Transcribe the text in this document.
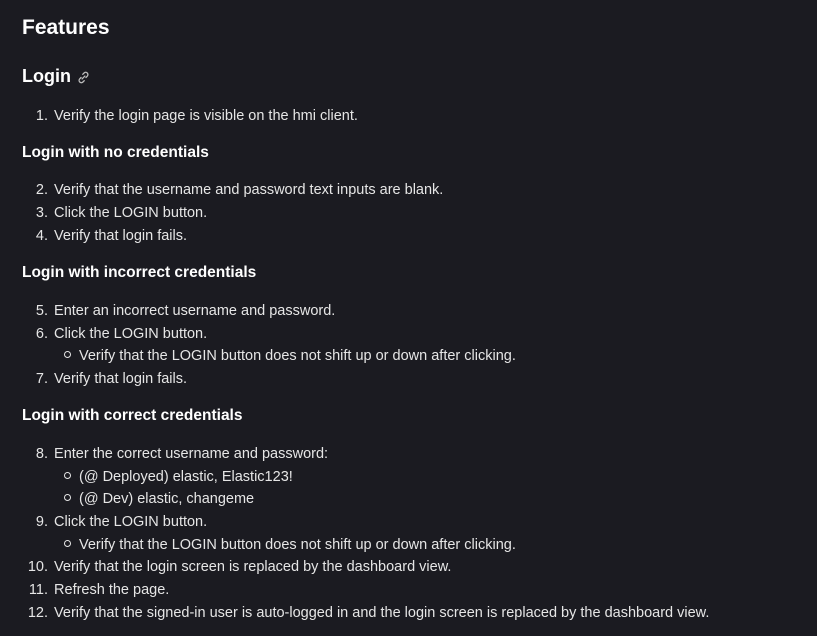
Features
Login
1. Verify the login page is visible on the hmi client.
Login with no credentials
2. Verify that the username and password text inputs are blank.
3. Click the LOGIN button.
4. Verify that login fails.
Login with incorrect credentials
5. Enter an incorrect username and password.
6. Click the LOGIN button.
Verify that the LOGIN button does not shift up or down after clicking.
7. Verify that login fails.
Login with correct credentials
8. Enter the correct username and password:
(@ Deployed) elastic, Elastic123!
(@ Dev) elastic, changeme
9. Click the LOGIN button.
Verify that the LOGIN button does not shift up or down after clicking.
10. Verify that the login screen is replaced by the dashboard view.
11. Refresh the page.
12. Verify that the signed-in user is auto-logged in and the login screen is replaced by the dashboard view.
